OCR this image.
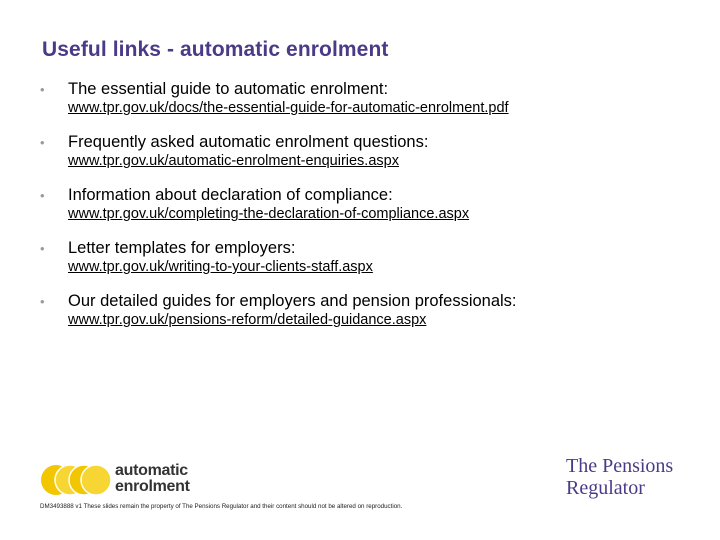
Useful links - automatic enrolment
• The essential guide to automatic enrolment:
www.tpr.gov.uk/docs/the-essential-guide-for-automatic-enrolment.pdf
• Frequently asked automatic enrolment questions:
www.tpr.gov.uk/automatic-enrolment-enquiries.aspx
• Information about declaration of compliance:
www.tpr.gov.uk/completing-the-declaration-of-compliance.aspx
• Letter templates for employers:
www.tpr.gov.uk/writing-to-your-clients-staff.aspx
• Our detailed guides for employers and pension professionals:
www.tpr.gov.uk/pensions-reform/detailed-guidance.aspx
automatic
enrolment
The Pensions
Regulator
DM3493888 v1 These slides remain the property of The Pensions Regulator and their content should not be altered on reproduction.
